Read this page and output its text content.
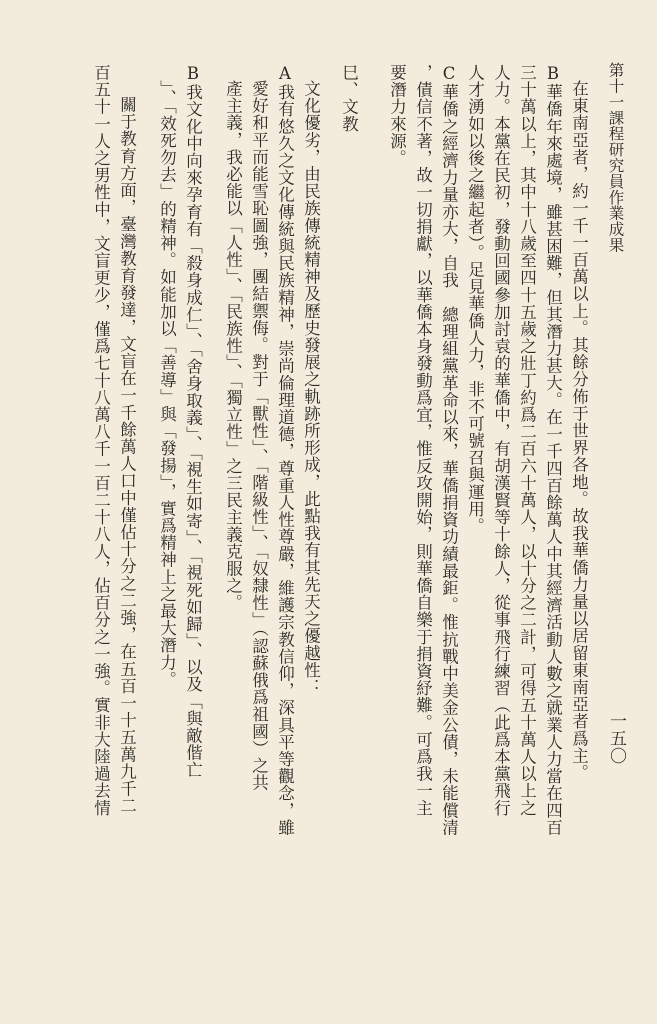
第十一課程研究員作業成果
一五〇
在東南亞者，約一千一百萬以上。其餘分佈于世界各地。故我華僑力量以居留東南亞者爲主。
B華僑年來處境，雖甚困難，但其潛力甚大。在一千四百餘萬人中其經濟活動人數之就業人力當在四百
三十萬以上，其中十八歲至四十五歲之壯丁約爲二百六十萬人，以十分之二計，可得五十萬人以上之
人力。本黨在民初，發動回國參加討袁的華僑中，有胡漢賢等十餘人，從事飛行練習（此爲本黨飛行
人才湧如以後之繼起者）。足見華僑人力，非不可號召與運用。
C華僑之經濟力量亦大，自我　總理組黨革命以來，華僑捐資功績最鉅。惟抗戰中美金公債，未能償清
，債信不著，故一切捐獻，以華僑本身發動爲宜，惟反攻開始，則華僑自樂于捐資紓難。可爲我一主
要潛力來源。
巳、文教
文化優劣，由民族傳統精神及歷史發展之軌跡所形成，此點我有其先天之優越性：
A我有悠久之文化傳統與民族精神，崇尚倫理道德，尊重人性尊嚴，維護宗教信仰，深具平等觀念，雖
愛好和平而能雪恥圖強，團結禦侮。對于「獸性」、「階級性」、「奴隸性」（認蘇俄爲祖國）之共
產主義，我必能以「人性」、「民族性」、「獨立性」之三民主義克服之。
B我文化中向來孕育有「殺身成仁」、「舍身取義」、「視生如寄」、「視死如歸」、以及「與敵偕亡
」、「效死勿去」的精神。如能加以「善導」與「發揚」，實爲精神上之最大潛力。
關于教育方面，臺灣教育發達，文盲在一千餘萬人口中僅佔十分之二強，在五百一十五萬九千二
百五十一人之男性中，文盲更少，僅爲七十八萬八千一百二十八人，佔百分之一強。實非大陸過去情
